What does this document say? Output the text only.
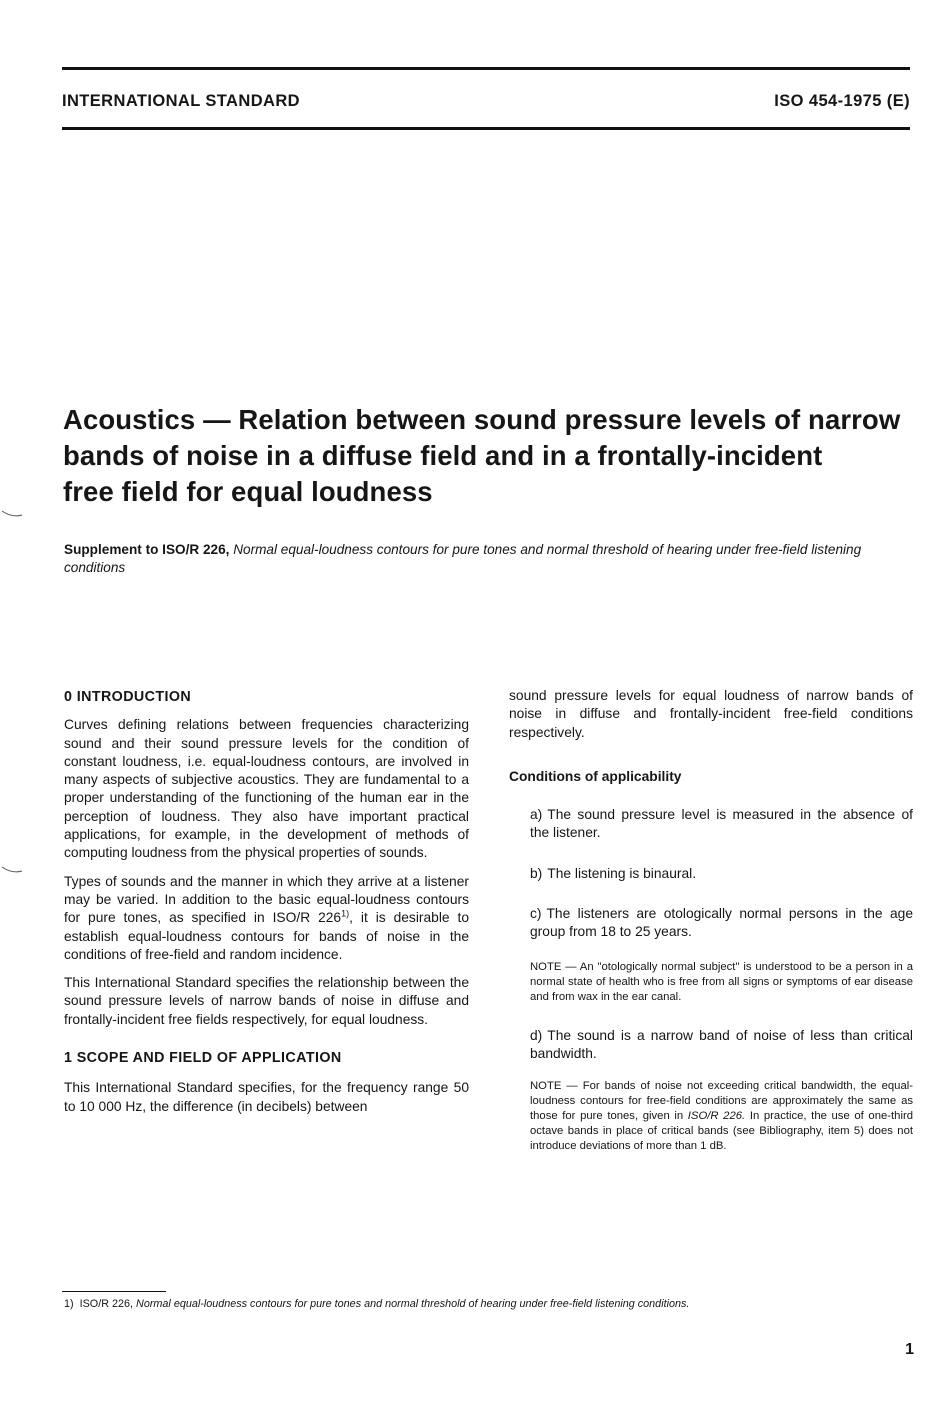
INTERNATIONAL STANDARD	ISO 454-1975 (E)
Acoustics — Relation between sound pressure levels of narrow
bands of noise in a diffuse field and in a frontally-incident
free field for equal loudness
Supplement to ISO/R 226, Normal equal-loudness contours for pure tones and normal threshold of hearing under free-field listening conditions
0 INTRODUCTION

Curves defining relations between frequencies characterizing sound and their sound pressure levels for the condition of constant loudness, i.e. equal-loudness contours, are involved in many aspects of subjective acoustics. They are fundamental to a proper understanding of the functioning of the human ear in the perception of loudness. They also have important practical applications, for example, in the development of methods of computing loudness from the physical properties of sounds.

Types of sounds and the manner in which they arrive at a listener may be varied. In addition to the basic equal-loudness contours for pure tones, as specified in ISO/R 226$^{1)}$, it is desirable to establish equal-loudness contours for bands of noise in the conditions of free-field and random incidence.

This International Standard specifies the relationship between the sound pressure levels of narrow bands of noise in diffuse and frontally-incident free fields respectively, for equal loudness.

1 SCOPE AND FIELD OF APPLICATION

This International Standard specifies, for the frequency range 50 to 10 000 Hz, the difference (in decibels) between

sound pressure levels for equal loudness of narrow bands of noise in diffuse and frontally-incident free-field conditions respectively.

Conditions of applicability

a) The sound pressure level is measured in the absence of the listener.

b) The listening is binaural.

c) The listeners are otologically normal persons in the age group from 18 to 25 years.

NOTE — An "otologically normal subject" is understood to be a person in a normal state of health who is free from all signs or symptoms of ear disease and from wax in the ear canal.

d) The sound is a narrow band of noise of less than critical bandwidth.

NOTE — For bands of noise not exceeding critical bandwidth, the equal-loudness contours for free-field conditions are approximately the same as those for pure tones, given in ISO/R 226. In practice, the use of one-third octave bands in place of critical bands (see Bibliography, item 5) does not introduce deviations of more than 1 dB.

1) ISO/R 226, Normal equal-loudness contours for pure tones and normal threshold of hearing under free-field listening conditions.
1
